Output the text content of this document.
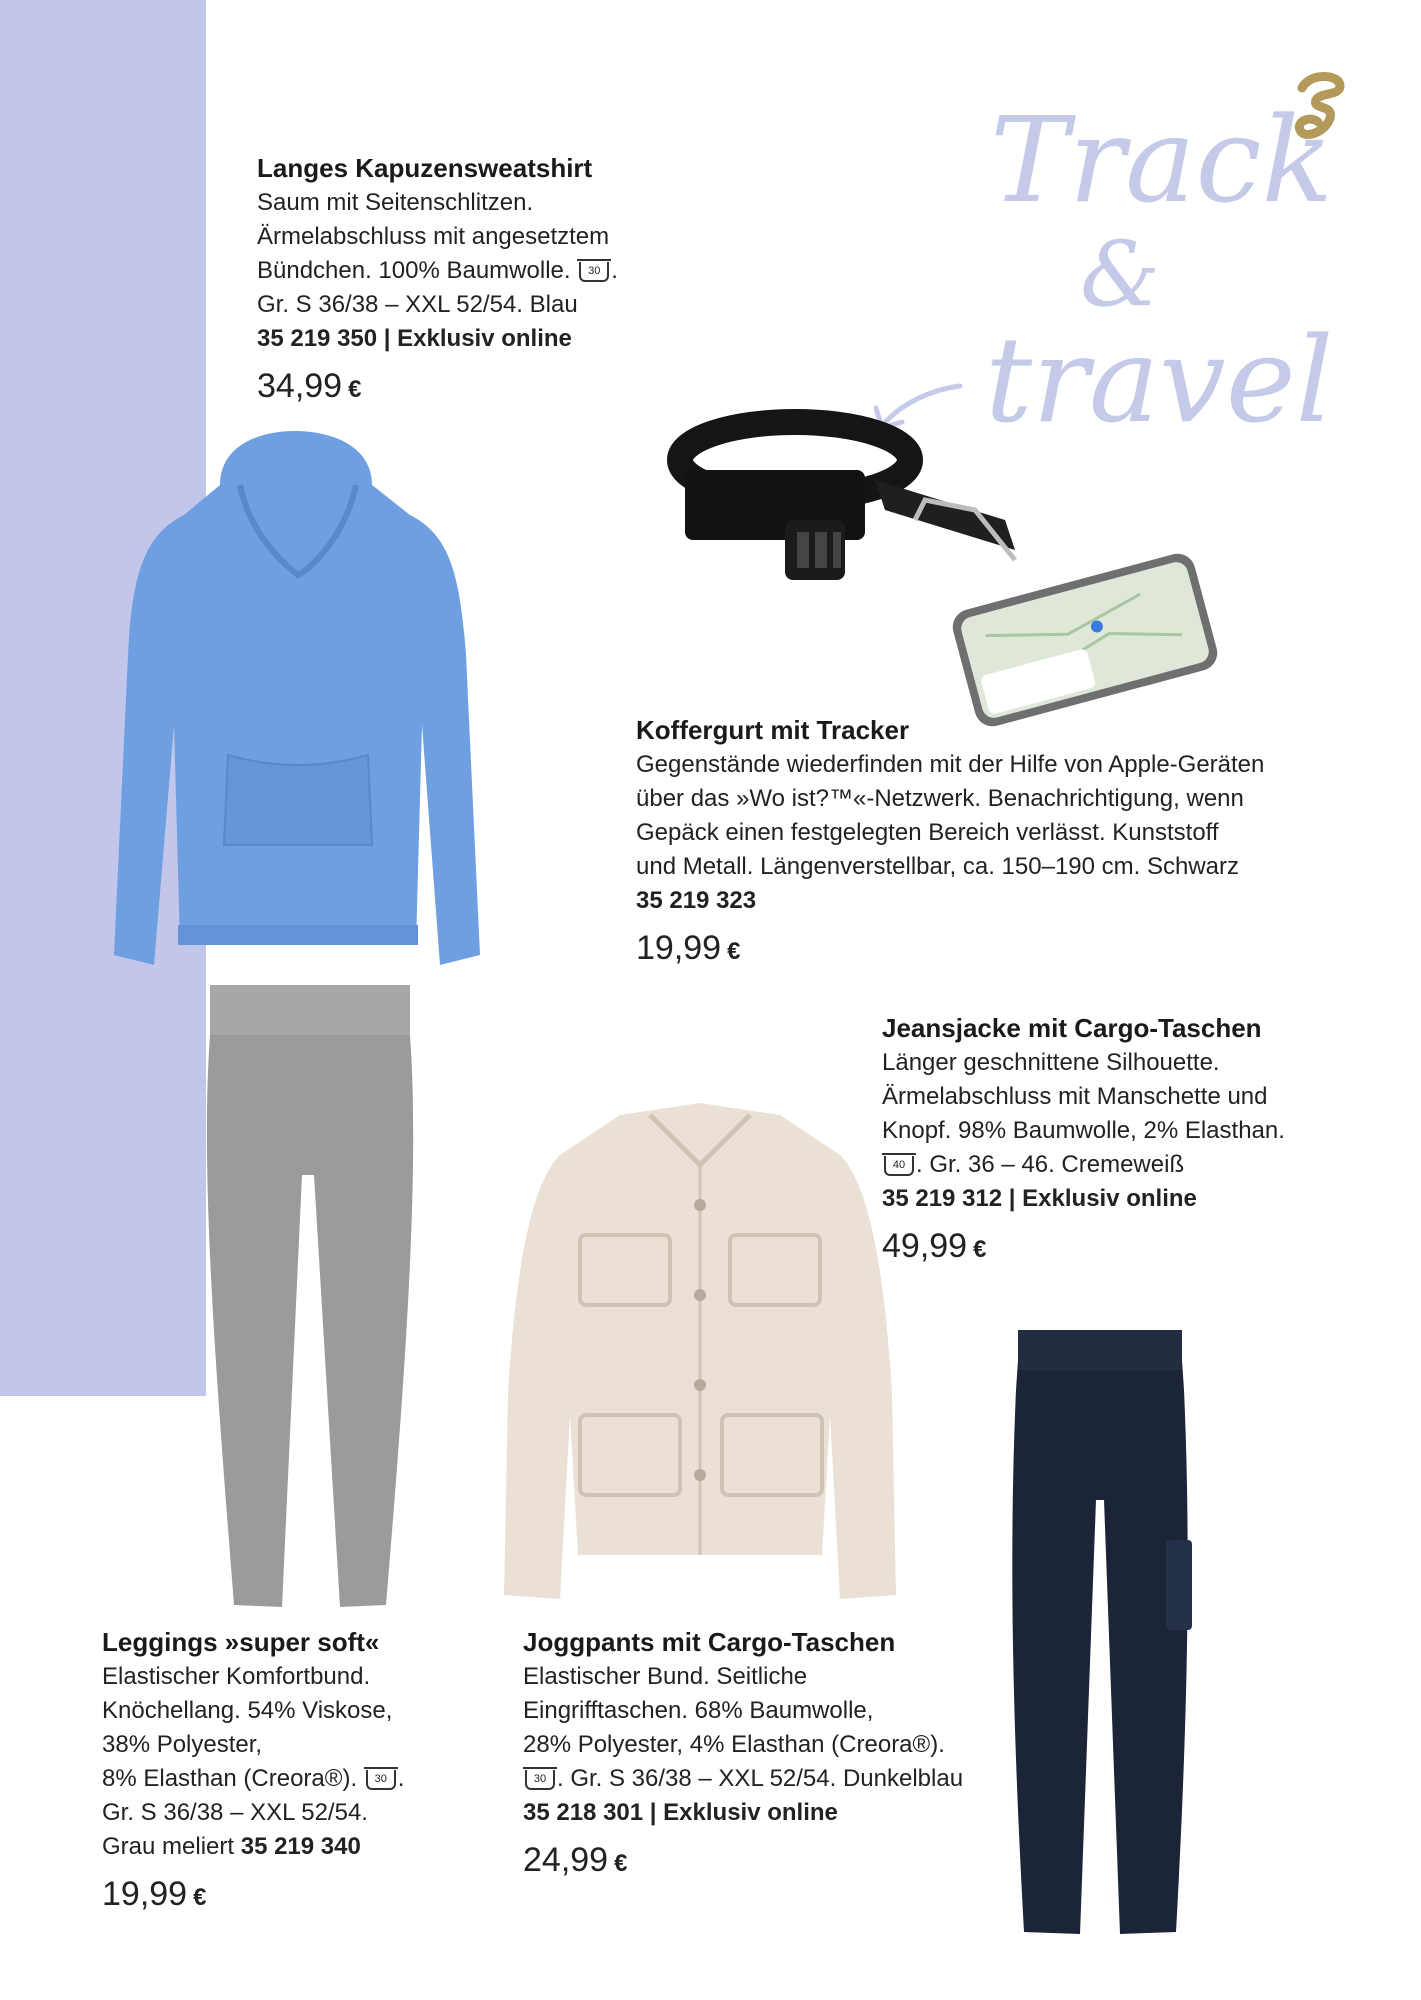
Track
&
travel
Langes Kapuzensweatshirt
Saum mit Seitenschlitzen.
Ärmelabschluss mit angesetztem
Bündchen. 100% Baumwolle. 30 .
Gr. S 36/38 – XXL 52/54. Blau
35 219 350 | Exklusiv online
34,99 €
Koffergurt mit Tracker
Gegenstände wiederfinden mit der Hilfe von Apple-Geräten
über das »Wo ist?™«-Netzwerk. Benachrichtigung, wenn
Gepäck einen festgelegten Bereich verlässt. Kunststoff
und Metall. Längenverstellbar, ca. 150–190 cm. Schwarz
35 219 323
19,99 €
Jeansjacke mit Cargo-Taschen
Länger geschnittene Silhouette.
Ärmelabschluss mit Manschette und
Knopf. 98% Baumwolle, 2% Elasthan.
40 . Gr. 36 – 46. Cremeweiß
35 219 312 | Exklusiv online
49,99 €
Leggings »super soft«
Elastischer Komfortbund.
Knöchellang. 54% Viskose,
38% Polyester,
8% Elasthan (Creora®). 30 .
Gr. S 36/38 – XXL 52/54.
Grau meliert 35 219 340
19,99 €
Joggpants mit Cargo-Taschen
Elastischer Bund. Seitliche
Eingrifftaschen. 68% Baumwolle,
28% Polyester, 4% Elasthan (Creora®).
30 . Gr. S 36/38 – XXL 52/54. Dunkelblau
35 218 301 | Exklusiv online
24,99 €
